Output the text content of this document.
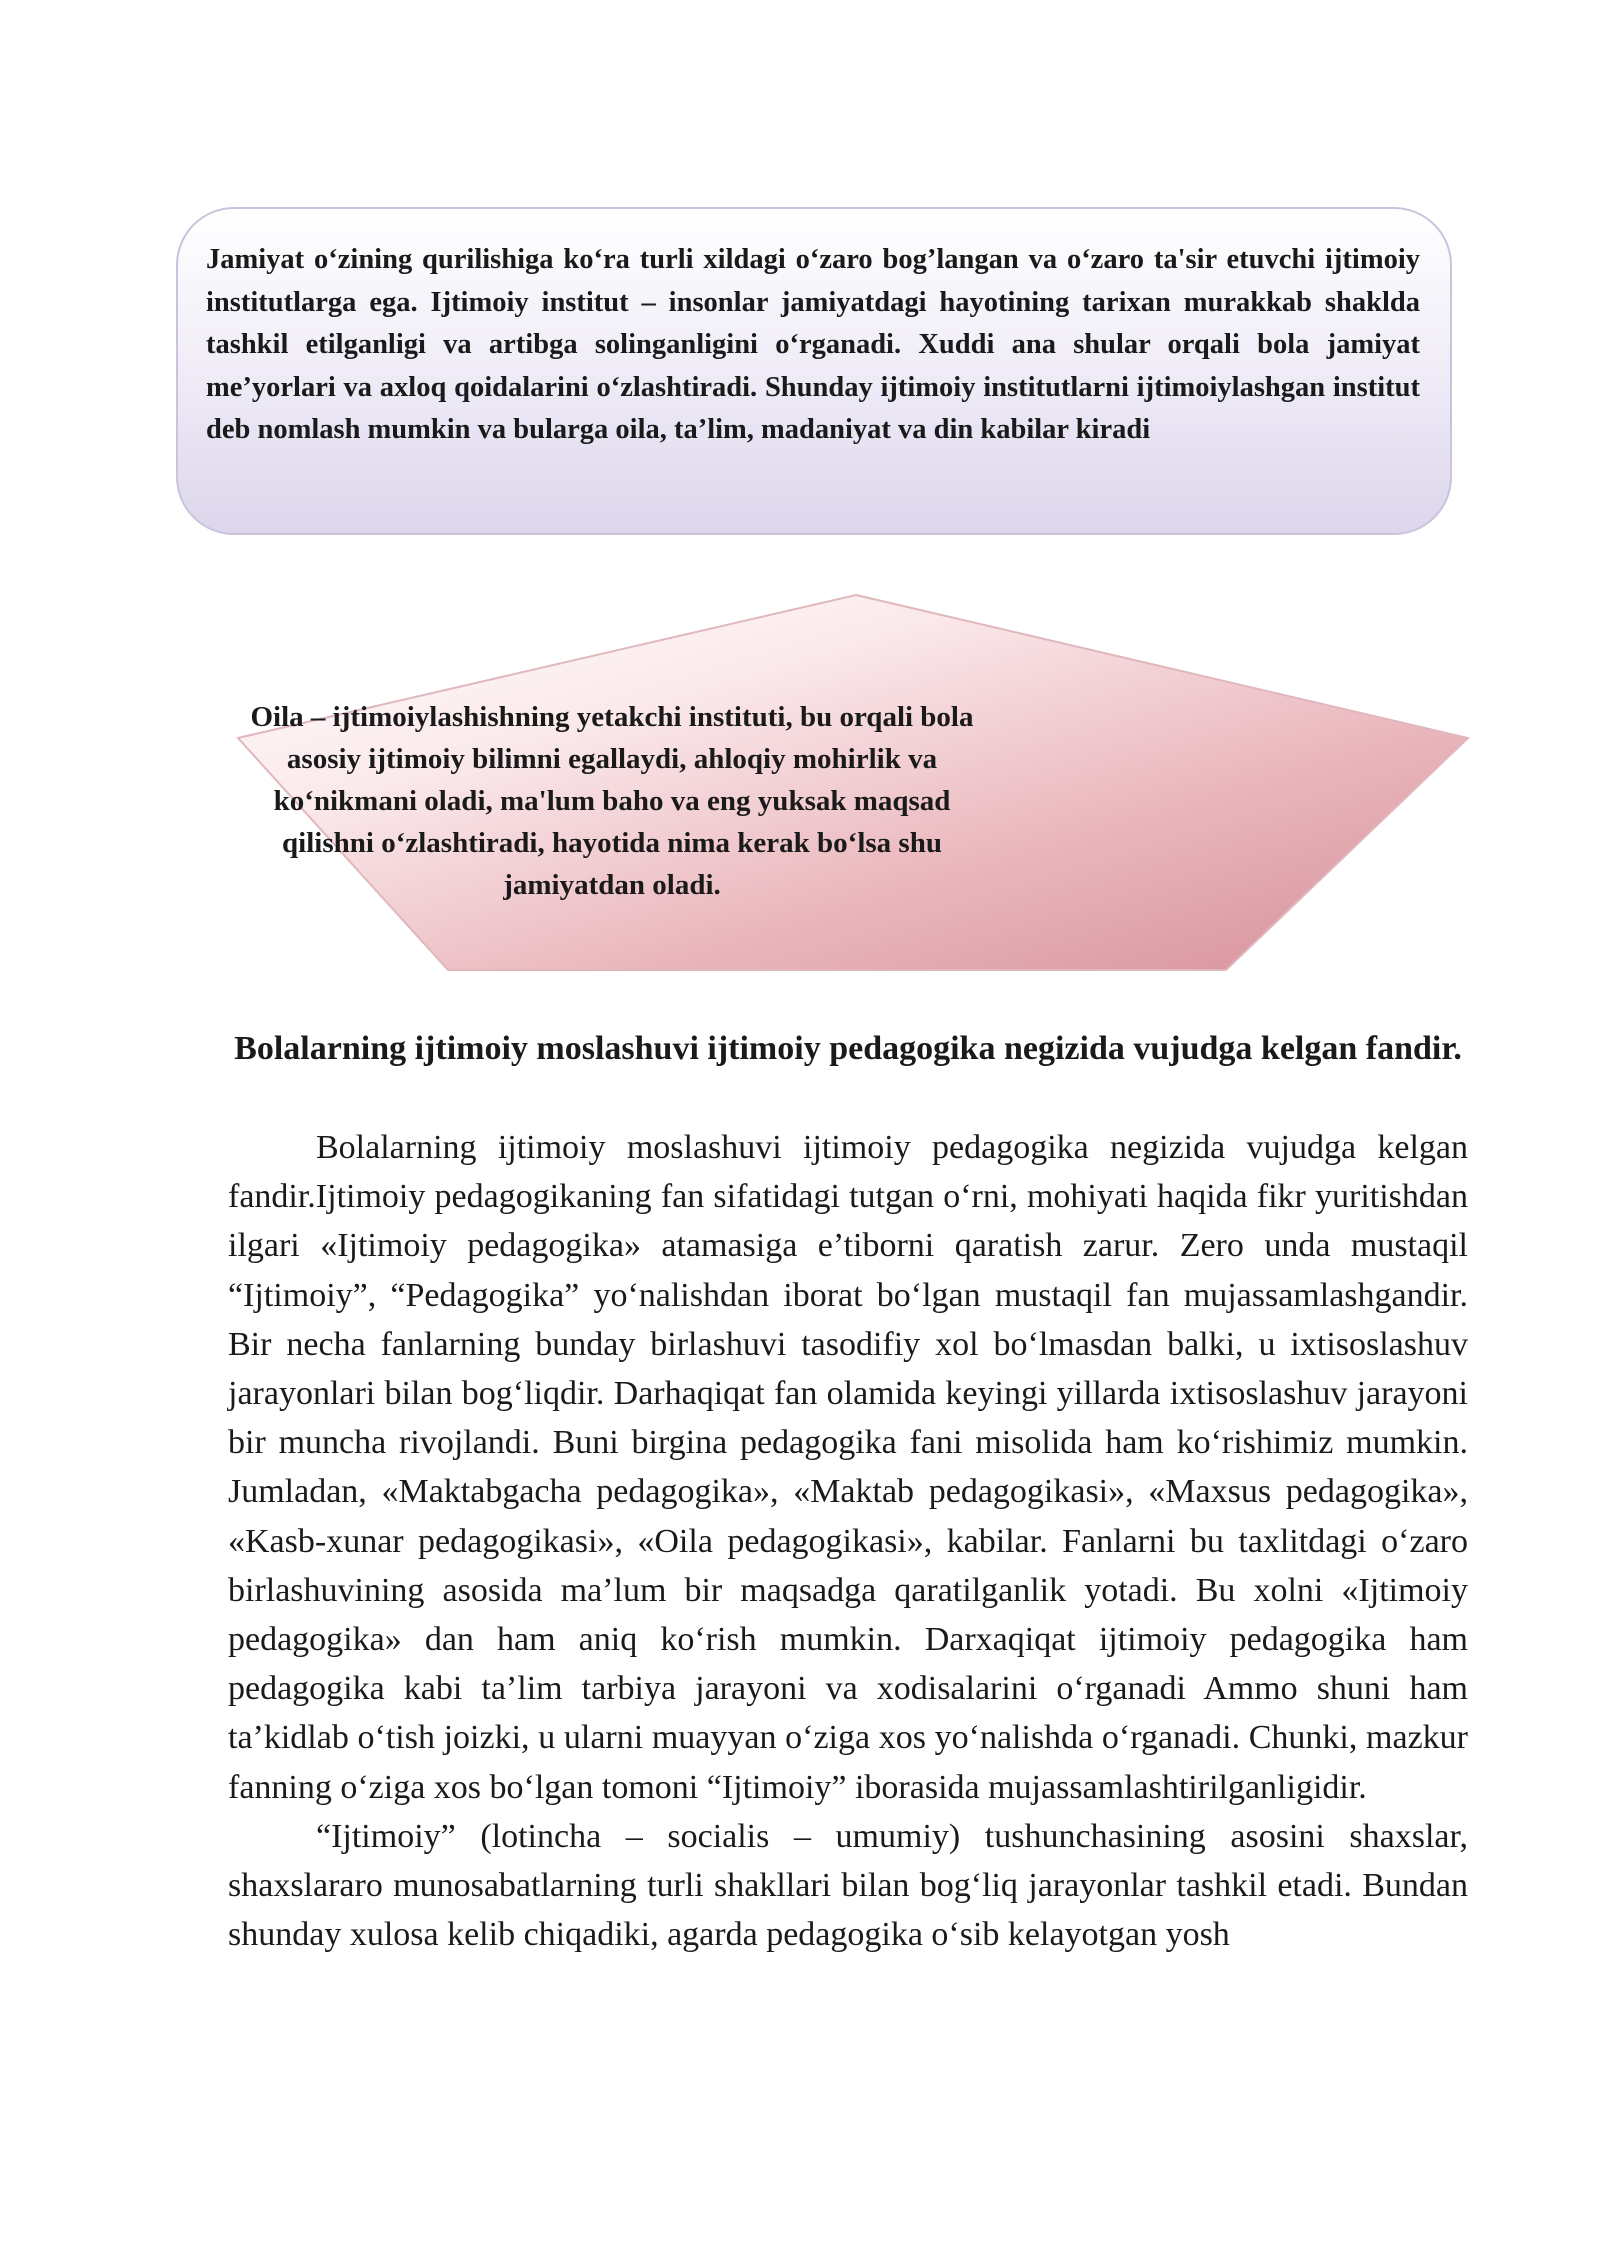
Jamiyat oʻzining qurilishiga koʻra turli xildagi oʻzaro bog’langan va oʻzaro ta'sir etuvchi ijtimoiy institutlarga ega. Ijtimoiy institut – insonlar jamiyatdagi hayotining tarixan murakkab shaklda tashkil etilganligi va artibga solinganligini oʻrganadi. Xuddi ana shular orqali bola jamiyat me’yorlari va axloq qoidalarini oʻzlashtiradi. Shunday ijtimoiy institutlarni ijtimoiylashgan institut deb nomlash mumkin va bularga oila, ta’lim, madaniyat va din kabilar kiradi
Oila – ijtimoiylashishning yetakchi instituti, bu orqali bola asosiy ijtimoiy bilimni egallaydi, ahloqiy mohirlik va koʻnikmani oladi, ma'lum baho va eng yuksak maqsad qilishni oʻzlashtiradi, hayotida nima kerak boʻlsa shu jamiyatdan oladi.
Bolalarning ijtimoiy moslashuvi ijtimoiy pedagogika negizida vujudga kelgan fandir.

Bolalarning ijtimoiy moslashuvi ijtimoiy pedagogika negizida vujudga kelgan fandir.Ijtimoiy pedagogikaning fan sifatidagi tutgan o‘rni, mohiyati haqida fikr yuritishdan ilgari «Ijtimoiy pedagogika» atamasiga e’tiborni qaratish zarur. Zero unda mustaqil “Ijtimoiy”, “Pedagogika” yo‘nalishdan iborat bo‘lgan mustaqil fan mujassamlashgandir. Bir necha fanlarning bunday birlashuvi tasodifiy xol bo‘lmasdan balki, u ixtisoslashuv jarayonlari bilan bog‘liqdir. Darhaqiqat fan olamida keyingi yillarda ixtisoslashuv jarayoni bir muncha rivojlandi. Buni birgina pedagogika fani misolida ham ko‘rishimiz mumkin. Jumladan, «Maktabgacha pedagogika», «Maktab pedagogikasi», «Maxsus pedagogika», «Kasb-xunar pedagogikasi», «Oila pedagogikasi», kabilar. Fanlarni bu taxlitdagi o‘zaro birlashuvining asosida ma’lum bir maqsadga qaratilganlik yotadi. Bu xolni «Ijtimoiy pedagogika» dan ham aniq ko‘rish mumkin. Darxaqiqat ijtimoiy pedagogika ham pedagogika kabi ta’lim tarbiya jarayoni va xodisalarini o‘rganadi Ammo shuni ham ta’kidlab o‘tish joizki, u ularni muayyan o‘ziga xos yo‘nalishda o‘rganadi. Chunki, mazkur fanning o‘ziga xos bo‘lgan tomoni “Ijtimoiy” iborasida mujassamlashtirilganligidir.

“Ijtimoiy” (lotincha – socialis – umumiy) tushunchasining asosini shaxslar, shaxslararo munosabatlarning turli shakllari bilan bog‘liq jarayonlar tashkil etadi. Bundan shunday xulosa kelib chiqadiki, agarda pedagogika o‘sib kelayotgan yosh
